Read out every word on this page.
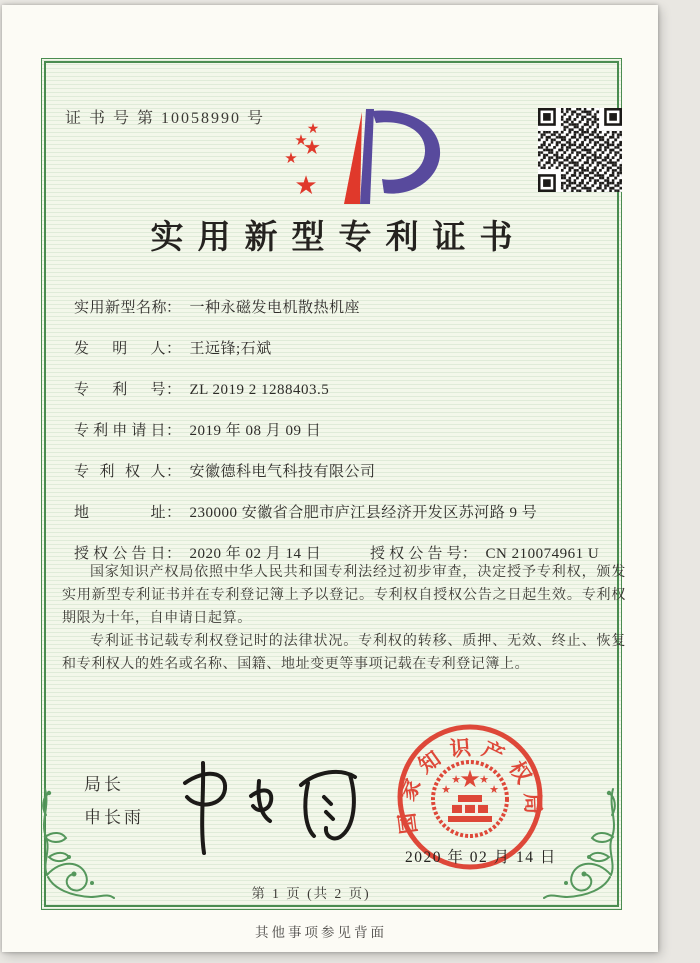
证 书 号 第 10058990 号
★
★
★
★
★
实用新型专利证书
实用新型名称： 一种永磁发电机散热机座
发明人： 王远锋;石斌
专利号： ZL 2019 2 1288403.5
专利申请日： 2019 年 08 月 09 日
专利权人： 安徽德科电气科技有限公司
地址： 230000 安徽省合肥市庐江县经济开发区苏河路 9 号
授权公告日： 2020 年 02 月 14 日	授权公告号： CN 210074961 U

国家知识产权局依照中华人民共和国专利法经过初步审查，决定授予专利权，颁发实用新型专利证书并在专利登记簿上予以登记。专利权自授权公告之日起生效。专利权期限为十年，自申请日起算。

专利证书记载专利权登记时的法律状况。专利权的转移、质押、无效、终止、恢复和专利权人的姓名或名称、国籍、地址变更等事项记载在专利登记簿上。

局长
申长雨	国家知识产权局
★
★
★ ★
★
2020 年 02 月 14 日
第 1 页 (共 2 页)
其他事项参见背面
